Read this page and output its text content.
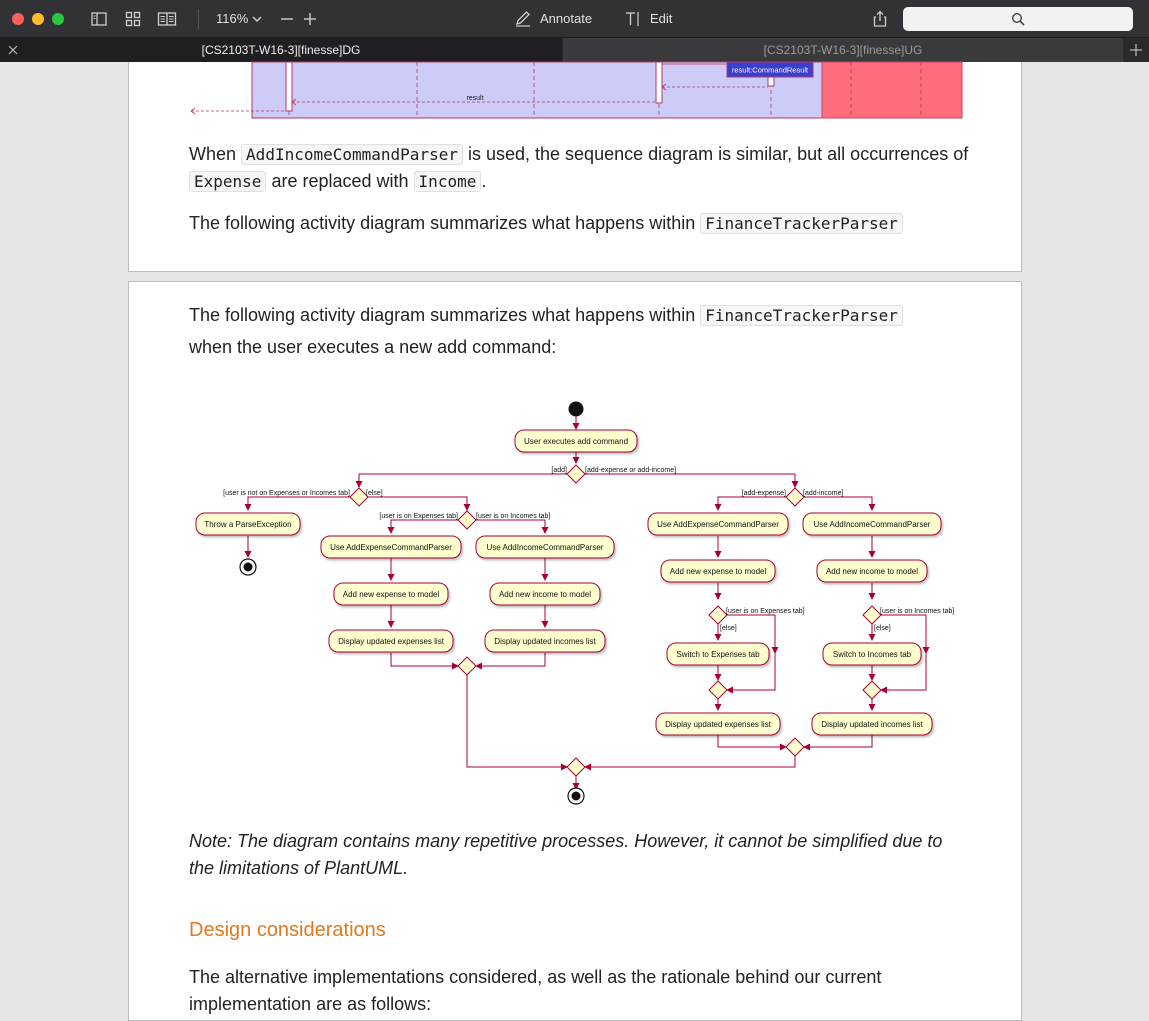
116%	Annotate	Edit
[CS2103T-W16-3][finesse]DG	[CS2103T-W16-3][finesse]UG
result:CommandResult
result

When AddIncomeCommandParser is used, the sequence diagram is similar, but all occurrences of Expense are replaced with Income .

The following activity diagram summarizes what happens within FinanceTrackerParser

The following activity diagram summarizes what happens within FinanceTrackerParser

when the user executes a new add command:

User executes add command
Throw a ParseException
Use AddExpenseCommandParser	Use AddIncomeCommandParser
Add new expense to model	Add new income to model
Display updated expenses list	Display updated incomes list
Use AddExpenseCommandParser	Use AddIncomeCommandParser
Add new expense to model	Add new income to model
Switch to Expenses tab	Switch to Incomes tab
Display updated expenses list	Display updated incomes list
[add]	[add-expense or add-income]
[user is not on Expenses or Incomes tab] [else]
[user is on Expenses tab]	[user is on Incomes tab]
[add-expense] [add-income]
[user is on Expenses tab]
[else]
[user is on Incomes tab]
[else]

Note: The diagram contains many repetitive processes. However, it cannot be simplified due to the limitations of PlantUML.

Design considerations

The alternative implementations considered, as well as the rationale behind our current implementation are as follows:
